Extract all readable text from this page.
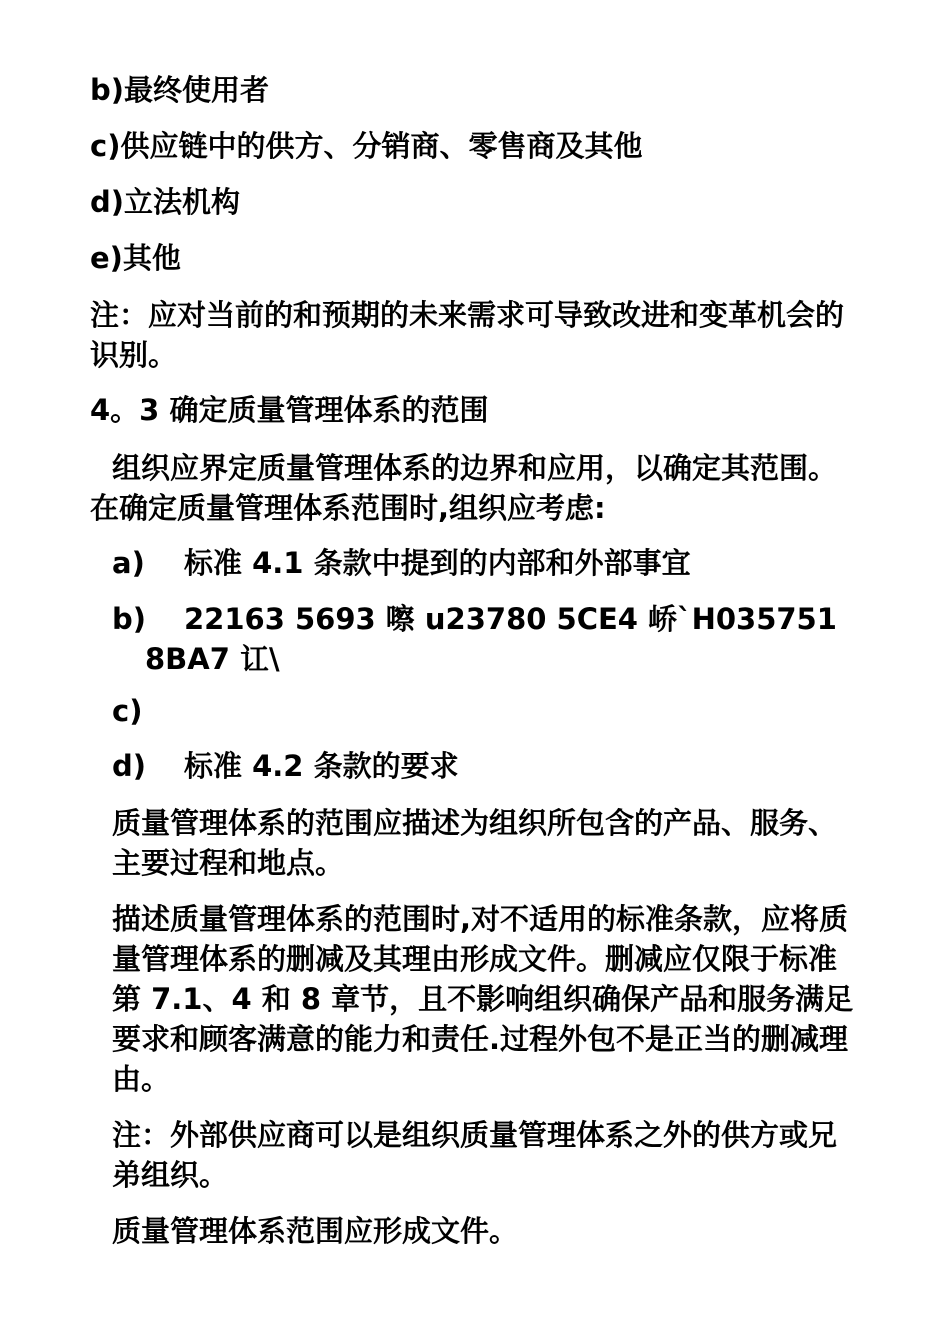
b)最终使用者
c)供应链中的供方、分销商、零售商及其他
d)立法机构
e)其他
注：应对当前的和预期的未来需求可导致改进和变革机会的
识别。
4。3 确定质量管理体系的范围
组织应界定质量管理体系的边界和应用，以确定其范围。
在确定质量管理体系范围时,组织应考虑:
a) 标准 4.1 条款中提到的内部和外部事宜
b) 22163 5693 嚓 u23780 5CE4 峤`H035751
8BA7 讧\
c)
d) 标准 4.2 条款的要求
质量管理体系的范围应描述为组织所包含的产品、服务、
主要过程和地点。
描述质量管理体系的范围时,对不适用的标准条款，应将质
量管理体系的删减及其理由形成文件。删减应仅限于标准
第 7.1、4 和 8 章节，且不影响组织确保产品和服务满足
要求和顾客满意的能力和责任.过程外包不是正当的删减理
由。
注：外部供应商可以是组织质量管理体系之外的供方或兄
弟组织。
质量管理体系范围应形成文件。
